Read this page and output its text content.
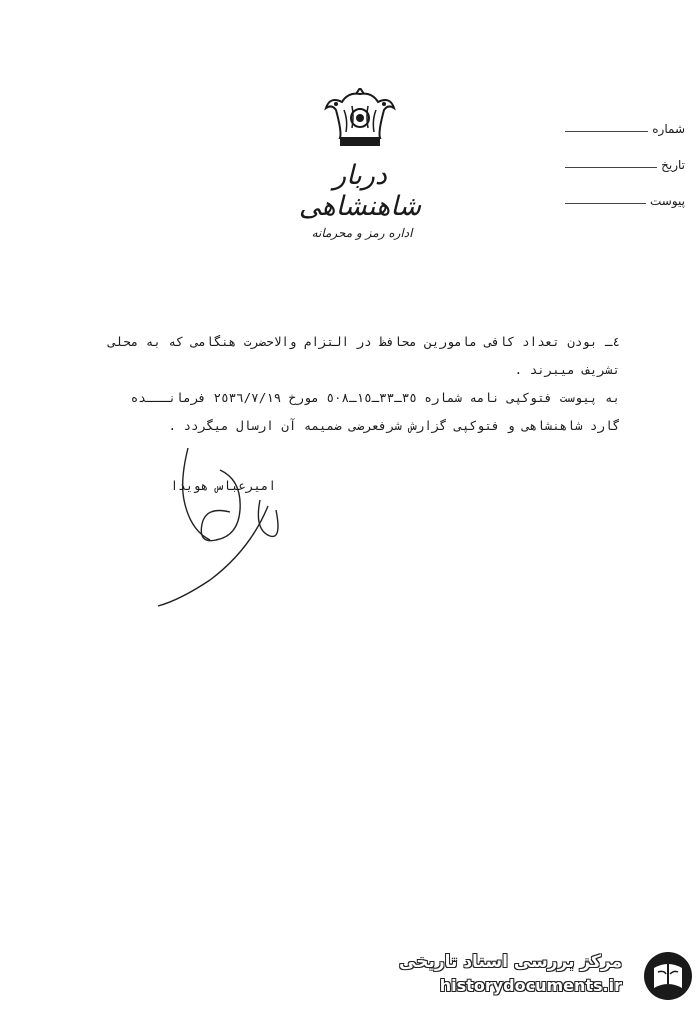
دربار شاهنشاهی
اداره رمز و محرمانه
شماره
تاریخ
پیوست
٤ـ بودن تعداد کافی مامورین محافظ در التزام والاحضرت هنگامی که به محلی
تشریف میبرند .
به پیوست فتوکپی نامه شماره ٣٥ـ٣٣ـ١٥ـ٥٠٨ مورخ ٢٥٣٦/٧/١٩ فرمانـــده
گارد شاهنشاهی و فتوکپی گزارش شرفعرضی ضمیمه آن ارسال میگردد .
امیرعباس هویدا
مرکز بررسی اسناد تاریخی
historydocuments.ir
